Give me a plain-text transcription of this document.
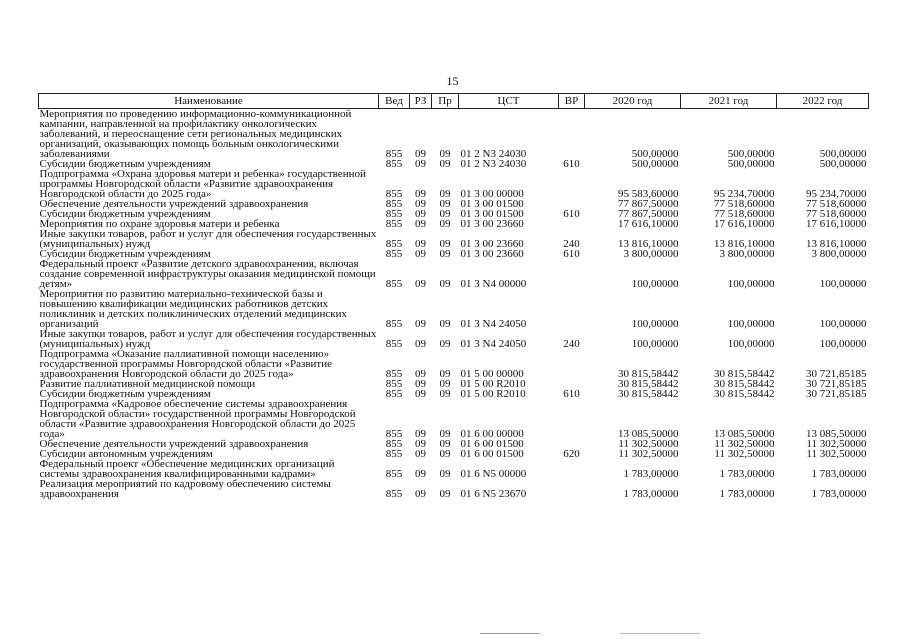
15
Наименование	Вед	РЗ	Пр	ЦСТ	ВР	2020 год	2021 год	2022 год
Мероприятия по проведению информационно-коммуникационной кампании, направленной на профилактику онкологических заболеваний, и переоснащение сети региональных медицинских организаций, оказывающих помощь больным онкологическими заболеваниями	855	09	09	01 2 N3 24030		500,00000	500,00000	500,00000
Субсидии бюджетным учреждениям	855	09	09	01 2 N3 24030	610	500,00000	500,00000	500,00000
Подпрограмма «Охрана здоровья матери и ребенка» государственной программы Новгородской области «Развитие здравоохранения Новгородской области до 2025 года»	855	09	09	01 3 00 00000		95 583,60000	95 234,70000	95 234,70000
Обеспечение деятельности учреждений здравоохранения	855	09	09	01 3 00 01500		77 867,50000	77 518,60000	77 518,60000
Субсидии бюджетным учреждениям	855	09	09	01 3 00 01500	610	77 867,50000	77 518,60000	77 518,60000
Мероприятия по охране здоровья матери и ребенка	855	09	09	01 3 00 23660		17 616,10000	17 616,10000	17 616,10000
Иные закупки товаров, работ и услуг для обеспечения государственных (муниципальных) нужд	855	09	09	01 3 00 23660	240	13 816,10000	13 816,10000	13 816,10000
Субсидии бюджетным учреждениям	855	09	09	01 3 00 23660	610	3 800,00000	3 800,00000	3 800,00000
Федеральный проект «Развитие детского здравоохранения, включая создание современной инфраструктуры оказания медицинской помощи детям»	855	09	09	01 3 N4 00000		100,00000	100,00000	100,00000
Мероприятия по развитию материально-технической базы и повышению квалификации медицинских работников детских поликлиник и детских поликлинических отделений медицинских организаций	855	09	09	01 3 N4 24050		100,00000	100,00000	100,00000
Иные закупки товаров, работ и услуг для обеспечения государственных (муниципальных) нужд	855	09	09	01 3 N4 24050	240	100,00000	100,00000	100,00000
Подпрограмма «Оказание паллиативной помощи населению» государственной программы Новгородской области «Развитие здравоохранения Новгородской области до 2025 года»	855	09	09	01 5 00 00000		30 815,58442	30 815,58442	30 721,85185
Развитие паллиативной медицинской помощи	855	09	09	01 5 00 R2010		30 815,58442	30 815,58442	30 721,85185
Субсидии бюджетным учреждениям	855	09	09	01 5 00 R2010	610	30 815,58442	30 815,58442	30 721,85185
Подпрограмма «Кадровое обеспечение системы здравоохранения Новгородской области» государственной программы Новгородской области «Развитие здравоохранения Новгородской области до 2025 года»	855	09	09	01 6 00 00000		13 085,50000	13 085,50000	13 085,50000
Обеспечение деятельности учреждений здравоохранения	855	09	09	01 6 00 01500		11 302,50000	11 302,50000	11 302,50000
Субсидии автономным учреждениям	855	09	09	01 6 00 01500	620	11 302,50000	11 302,50000	11 302,50000
Федеральный проект «Обеспечение медицинских организаций системы здравоохранения квалифицированными кадрами»	855	09	09	01 6 N5 00000		1 783,00000	1 783,00000	1 783,00000
Реализация мероприятий по кадровому обеспечению системы здравоохранения	855	09	09	01 6 N5 23670		1 783,00000	1 783,00000	1 783,00000
